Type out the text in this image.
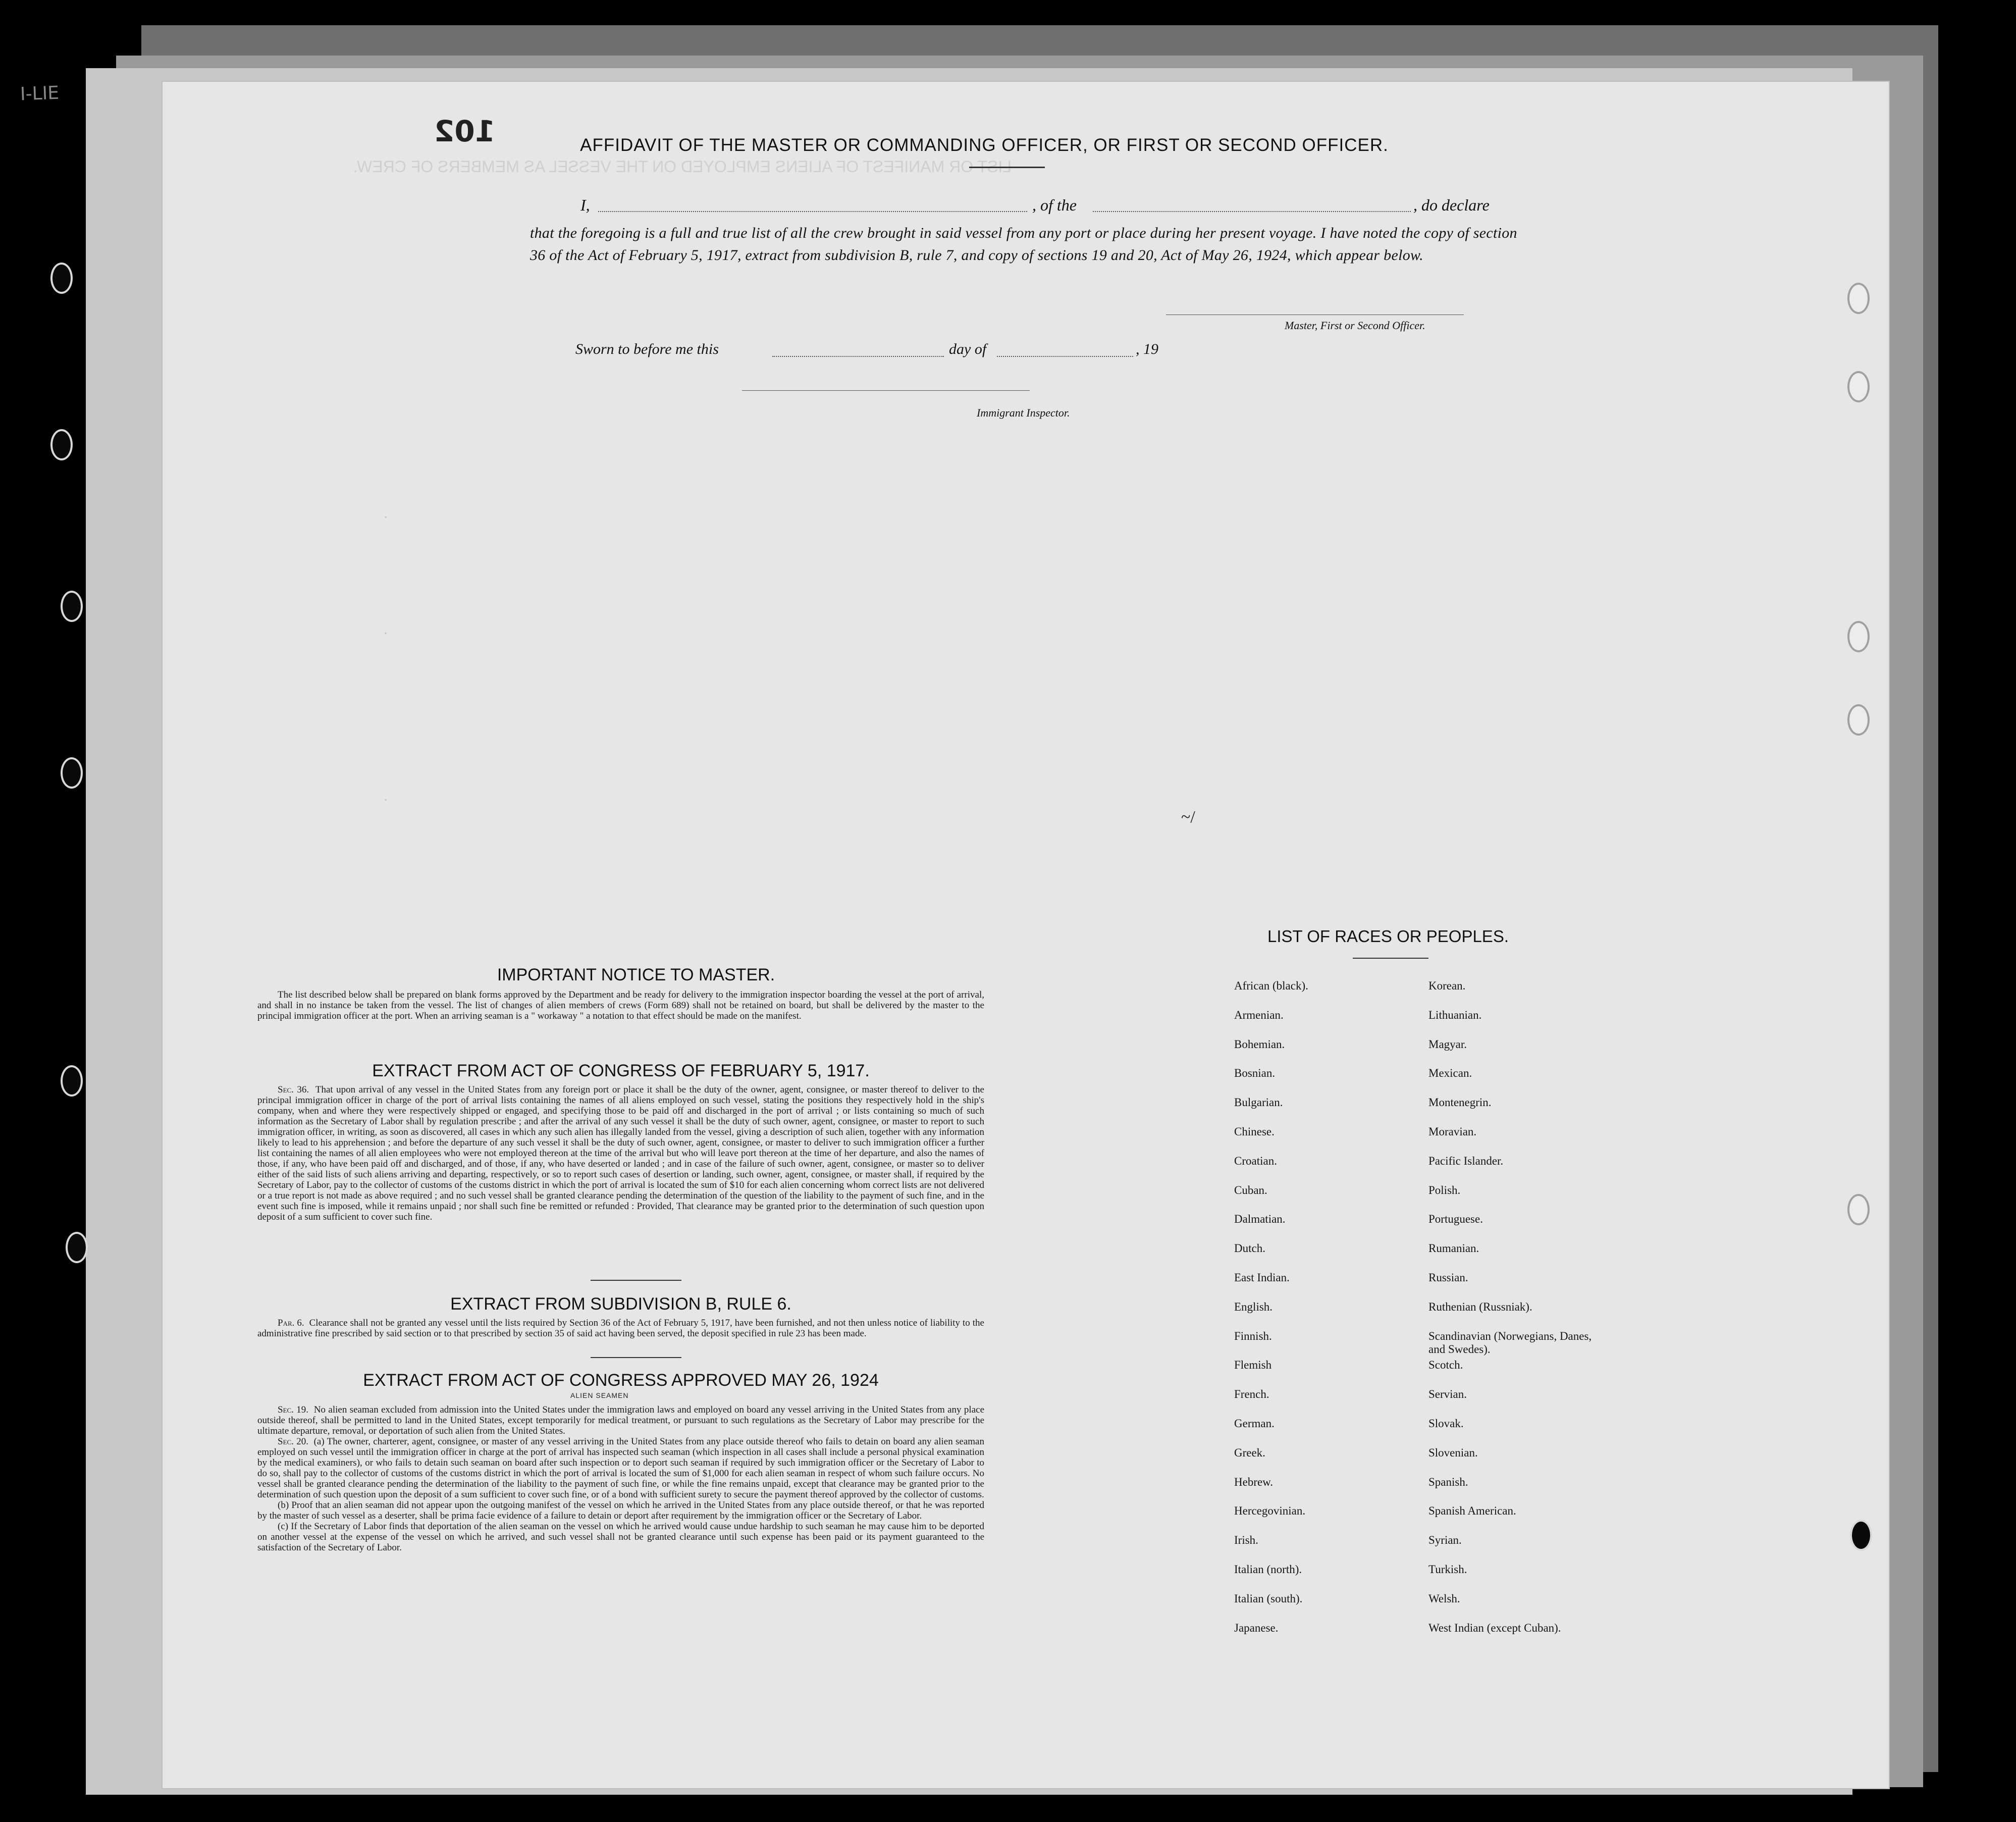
I-LIE
LIST OR MANIFEST OF ALIENS EMPLOYED ON THE VESSEL AS MEMBERS OF CREW.
102	AFFIDAVIT OF THE MASTER OR COMMANDING OFFICER, OR FIRST OR SECOND OFFICER.
I,	, of the	, do declare
that the foregoing is a full and true list of all the crew brought in said vessel from any port or place during her present voyage. I have noted the copy of section 36 of the Act of February 5, 1917, extract from subdivision B, rule 7, and copy of sections 19 and 20, Act of May 26, 1924, which appear below.
Master, First or Second Officer.
Sworn to before me this	day of	, 19
Immigrant Inspector.
.
.
.
~/
IMPORTANT NOTICE TO MASTER.

The list described below shall be prepared on blank forms approved by the Department and be ready for delivery to the immigration inspector boarding the vessel at the port of arrival, and shall in no instance be taken from the vessel. The list of changes of alien members of crews (Form 689) shall not be retained on board, but shall be delivered by the master to the principal immigration officer at the port. When an arriving seaman is a " workaway " a notation to that effect should be made on the manifest.

EXTRACT FROM ACT OF CONGRESS OF FEBRUARY 5, 1917.

Sec. 36. That upon arrival of any vessel in the United States from any foreign port or place it shall be the duty of the owner, agent, consignee, or master thereof to deliver to the principal immigration officer in charge of the port of arrival lists containing the names of all aliens employed on such vessel, stating the positions they respectively hold in the ship's company, when and where they were respectively shipped or engaged, and specifying those to be paid off and discharged in the port of arrival ; or lists containing so much of such information as the Secretary of Labor shall by regulation prescribe ; and after the arrival of any such vessel it shall be the duty of such owner, agent, consignee, or master to report to such immigration officer, in writing, as soon as discovered, all cases in which any such alien has illegally landed from the vessel, giving a description of such alien, together with any information likely to lead to his apprehension ; and before the departure of any such vessel it shall be the duty of such owner, agent, consignee, or master to deliver to such immigration officer a further list containing the names of all alien employees who were not employed thereon at the time of the arrival but who will leave port thereon at the time of her departure, and also the names of those, if any, who have been paid off and discharged, and of those, if any, who have deserted or landed ; and in case of the failure of such owner, agent, consignee, or master so to deliver either of the said lists of such aliens arriving and departing, respectively, or so to report such cases of desertion or landing, such owner, agent, consignee, or master shall, if required by the Secretary of Labor, pay to the collector of customs of the customs district in which the port of arrival is located the sum of $10 for each alien concerning whom correct lists are not delivered or a true report is not made as above required ; and no such vessel shall be granted clearance pending the determination of the question of the liability to the payment of such fine, and in the event such fine is imposed, while it remains unpaid ; nor shall such fine be remitted or refunded : Provided, That clearance may be granted prior to the determination of such question upon deposit of a sum sufficient to cover such fine.

EXTRACT FROM SUBDIVISION B, RULE 6.

Par. 6. Clearance shall not be granted any vessel until the lists required by Section 36 of the Act of February 5, 1917, have been furnished, and not then unless notice of liability to the administrative fine prescribed by said section or to that prescribed by section 35 of said act having been served, the deposit specified in rule 23 has been made.

EXTRACT FROM ACT OF CONGRESS APPROVED MAY 26, 1924
ALIEN SEAMEN

Sec. 19. No alien seaman excluded from admission into the United States under the immigration laws and employed on board any vessel arriving in the United States from any place outside thereof, shall be permitted to land in the United States, except temporarily for medical treatment, or pursuant to such regulations as the Secretary of Labor may prescribe for the ultimate departure, removal, or deportation of such alien from the United States.

Sec. 20. (a) The owner, charterer, agent, consignee, or master of any vessel arriving in the United States from any place outside thereof who fails to detain on board any alien seaman employed on such vessel until the immigration officer in charge at the port of arrival has inspected such seaman (which inspection in all cases shall include a personal physical examination by the medical examiners), or who fails to detain such seaman on board after such inspection or to deport such seaman if required by such immigration officer or the Secretary of Labor to do so, shall pay to the collector of customs of the customs district in which the port of arrival is located the sum of $1,000 for each alien seaman in respect of whom such failure occurs. No vessel shall be granted clearance pending the determination of the liability to the payment of such fine, or while the fine remains unpaid, except that clearance may be granted prior to the determination of such question upon the deposit of a sum sufficient to cover such fine, or of a bond with sufficient surety to secure the payment thereof approved by the collector of customs.

(b) Proof that an alien seaman did not appear upon the outgoing manifest of the vessel on which he arrived in the United States from any place outside thereof, or that he was reported by the master of such vessel as a deserter, shall be prima facie evidence of a failure to detain or deport after requirement by the immigration officer or the Secretary of Labor.

(c) If the Secretary of Labor finds that deportation of the alien seaman on the vessel on which he arrived would cause undue hardship to such seaman he may cause him to be deported on another vessel at the expense of the vessel on which he arrived, and such vessel shall not be granted clearance until such expense has been paid or its payment guaranteed to the satisfaction of the Secretary of Labor.

LIST OF RACES OR PEOPLES.
African (black).	Korean.
Armenian.	Lithuanian.
Bohemian.	Magyar.
Bosnian.	Mexican.
Bulgarian.	Montenegrin.
Chinese.	Moravian.
Croatian.	Pacific Islander.
Cuban.	Polish.
Dalmatian.	Portuguese.
Dutch.	Rumanian.
East Indian.	Russian.
English.	Ruthenian (Russniak).
Finnish.	Scandinavian (Norwegians, Danes, and Swedes).
Flemish	Scotch.
French.	Servian.
German.	Slovak.
Greek.	Slovenian.
Hebrew.	Spanish.
Hercegovinian.	Spanish American.
Irish.	Syrian.
Italian (north).	Turkish.
Italian (south).	Welsh.
Japanese.	West Indian (except Cuban).
